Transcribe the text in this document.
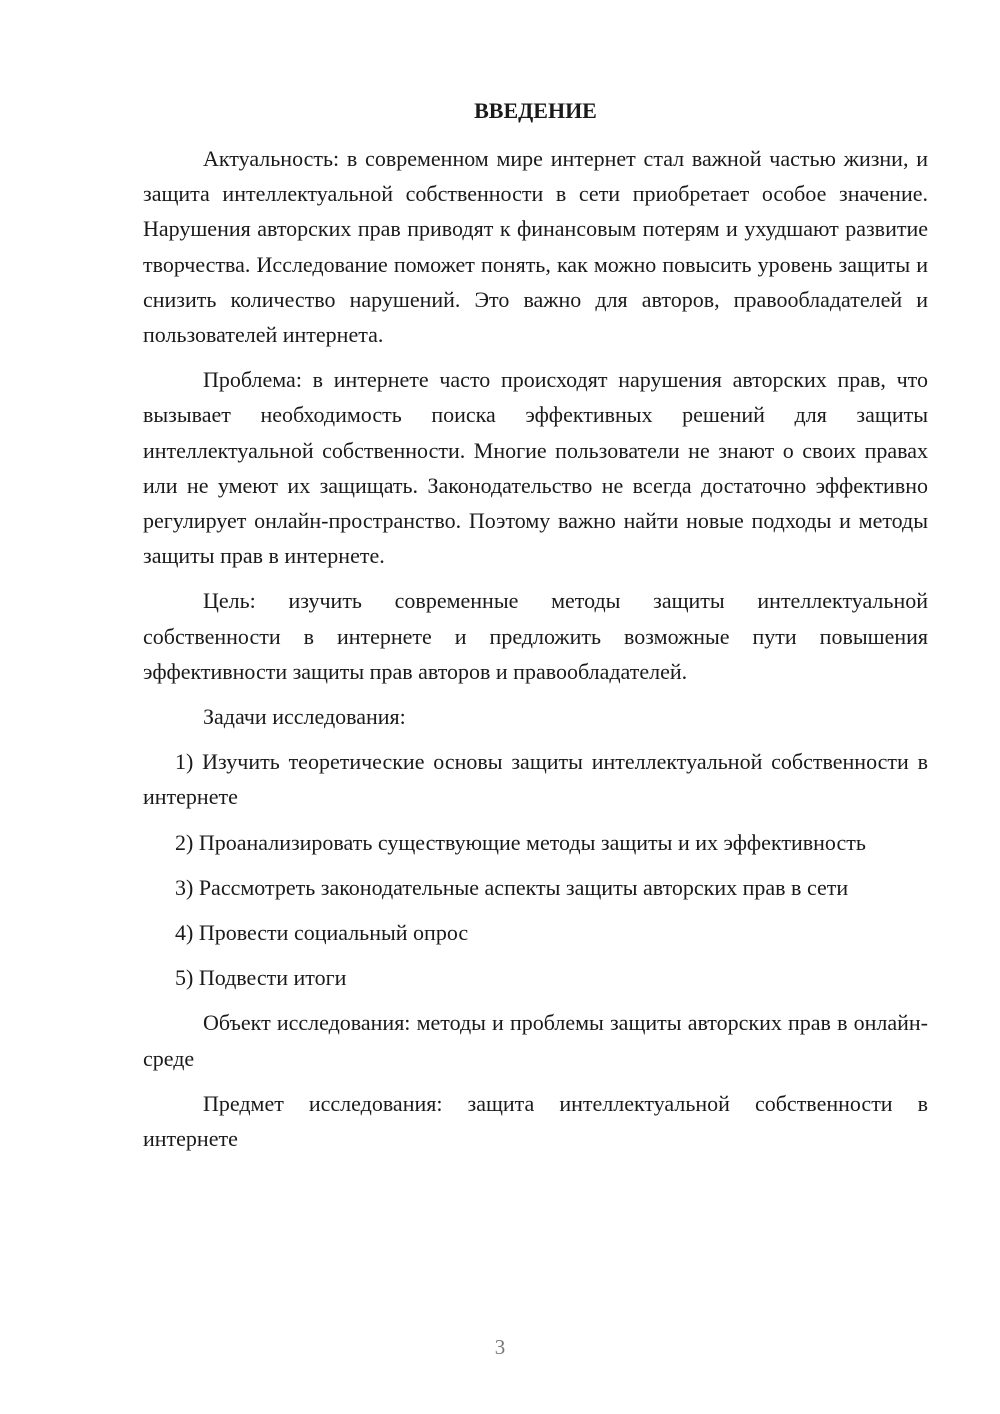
ВВЕДЕНИЕ

Актуальность: в современном мире интернет стал важной частью жизни, и защита интеллектуальной собственности в сети приобретает особое значение. Нарушения авторских прав приводят к финансовым потерям и ухудшают развитие творчества. Исследование поможет понять, как можно повысить уровень защиты и снизить количество нарушений. Это важно для авторов, правообладателей и пользователей интернета.

Проблема: в интернете часто происходят нарушения авторских прав, что вызывает необходимость поиска эффективных решений для защиты интеллектуальной собственности. Многие пользователи не знают о своих правах или не умеют их защищать. Законодательство не всегда достаточно эффективно регулирует онлайн-пространство. Поэтому важно найти новые подходы и методы защиты прав в интернете.

Цель: изучить современные методы защиты интеллектуальной собственности в интернете и предложить возможные пути повышения эффективности защиты прав авторов и правообладателей.

Задачи исследования:

1) Изучить теоретические основы защиты интеллектуальной собственности в интернете

2) Проанализировать существующие методы защиты и их эффективность

3) Рассмотреть законодательные аспекты защиты авторских прав в сети

4) Провести социальный опрос

5) Подвести итоги

Объект исследования: методы и проблемы защиты авторских прав в онлайн-среде

Предмет исследования: защита интеллектуальной собственности в интернете

3
